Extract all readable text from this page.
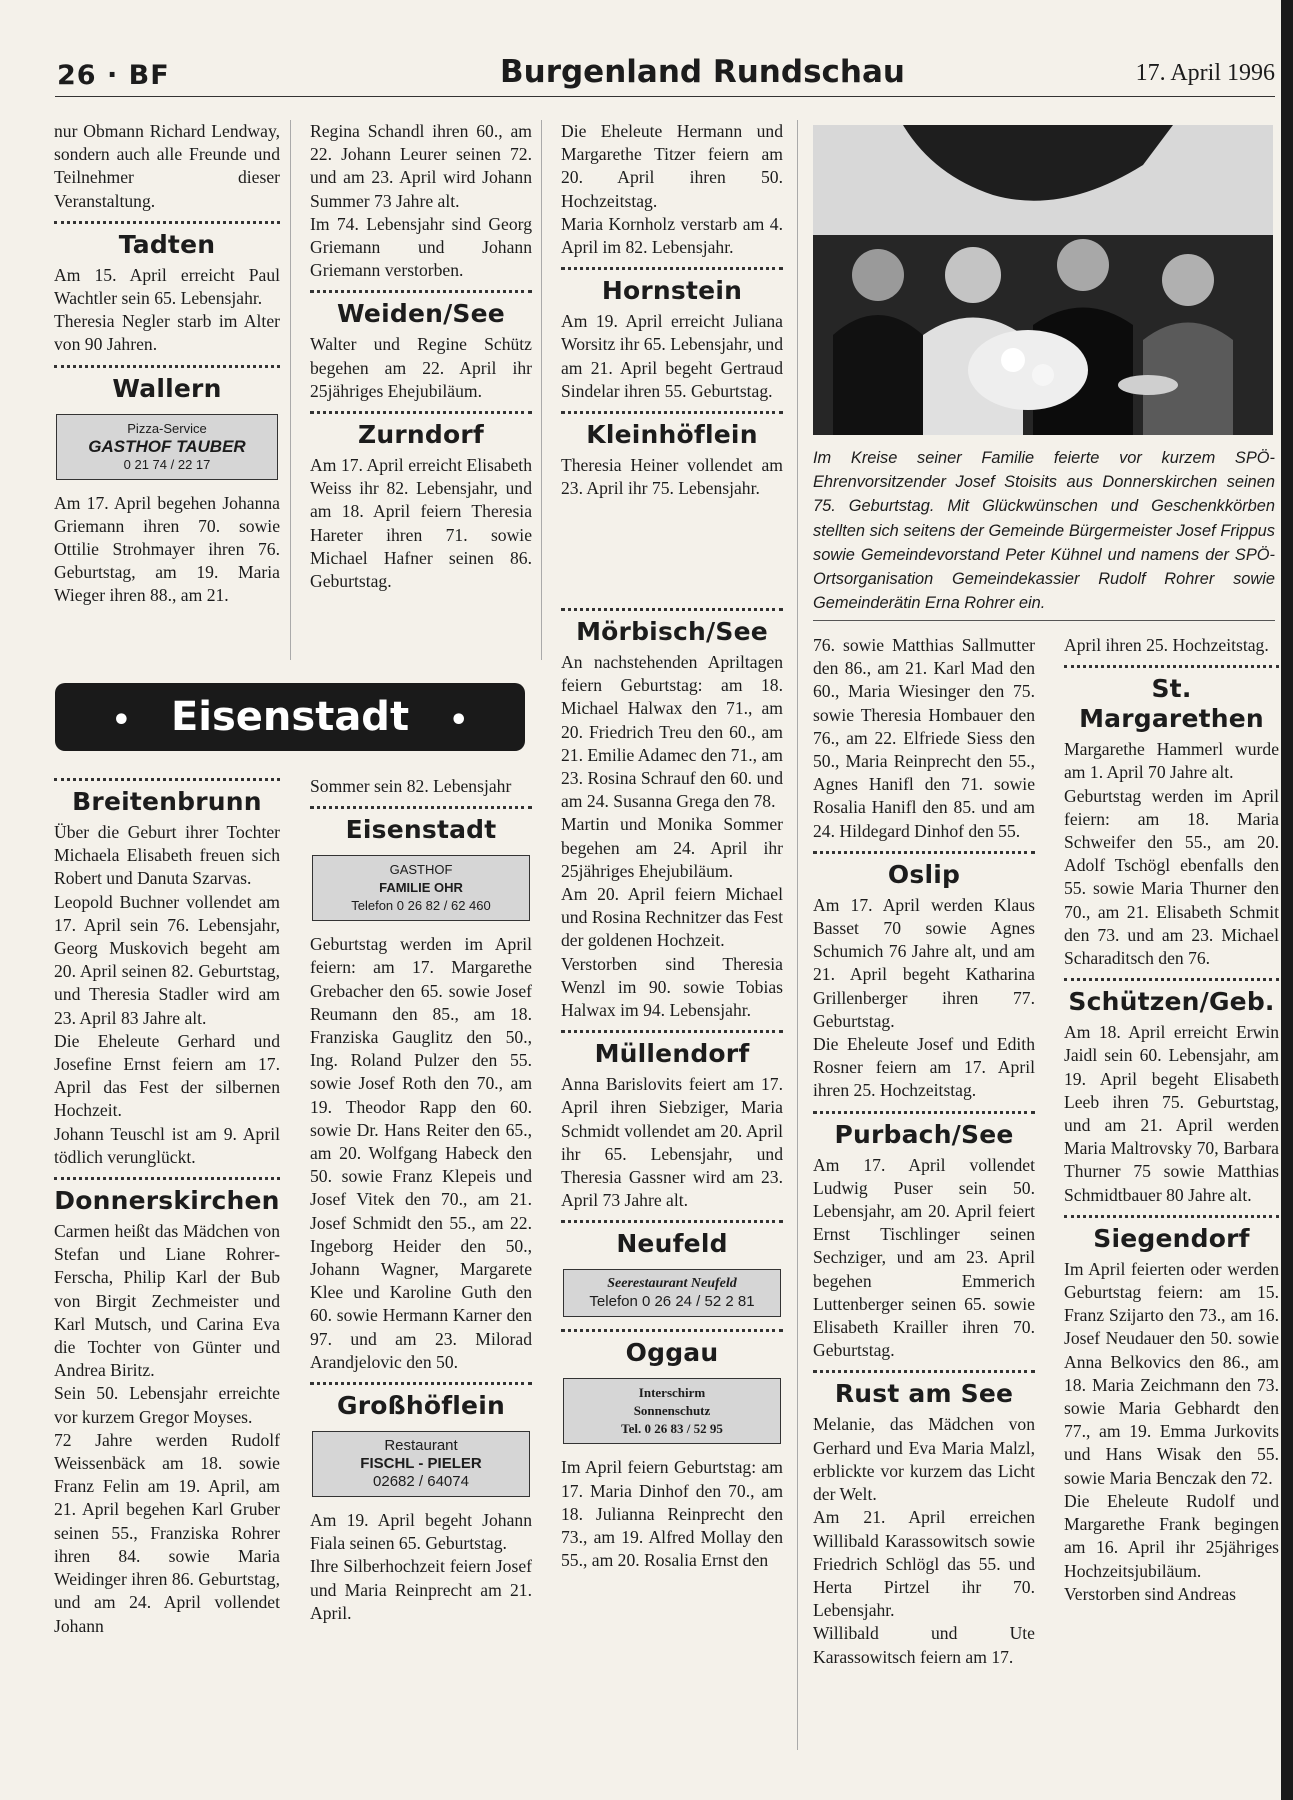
26 · BF	Burgenland Rundschau	17. April 1996

nur Obmann Richard Lendway, sondern auch alle Freunde und Teilnehmer dieser Veranstaltung.

Tadten

Am 15. April erreicht Paul Wachtler sein 65. Lebensjahr.

Theresia Negler starb im Alter von 90 Jahren.

Wallern
Pizza-Service
GASTHOF TAUBER
0 21 74 / 22 17

Am 17. April begehen Johanna Griemann ihren 70. sowie Ottilie Strohmayer ihren 76. Geburtstag, am 19. Maria Wieger ihren 88., am 21.

Regina Schandl ihren 60., am 22. Johann Leurer seinen 72. und am 23. April wird Johann Summer 73 Jahre alt.

Im 74. Lebensjahr sind Georg Griemann und Johann Griemann verstorben.

Weiden/See

Walter und Regine Schütz begehen am 22. April ihr 25jähriges Ehejubiläum.

Zurndorf

Am 17. April erreicht Elisabeth Weiss ihr 82. Lebensjahr, und am 18. April feiern Theresia Hareter ihren 71. sowie Michael Hafner seinen 86. Geburtstag.

Die Eheleute Hermann und Margarethe Titzer feiern am 20. April ihren 50. Hochzeitstag.

Maria Kornholz verstarb am 4. April im 82. Lebensjahr.

Hornstein

Am 19. April erreicht Juliana Worsitz ihr 65. Lebensjahr, und am 21. April begeht Gertraud Sindelar ihren 55. Geburtstag.

Kleinhöflein

Theresia Heiner vollendet am 23. April ihr 75. Lebensjahr.

Im Kreise seiner Familie feierte vor kurzem SPÖ-Ehrenvorsitzender Josef Stoisits aus Donnerskirchen seinen 75. Geburtstag. Mit Glückwünschen und Geschenkkörben stellten sich seitens der Gemeinde Bürgermeister Josef Frippus sowie Gemeindevorstand Peter Kühnel und namens der SPÖ-Ortsorganisation Gemeindekassier Rudolf Rohrer sowie Gemeinderätin Erna Rohrer ein.
• Eisenstadt •
Breitenbrunn

Über die Geburt ihrer Tochter Michaela Elisabeth freuen sich Robert und Danuta Szarvas.

Leopold Buchner vollendet am 17. April sein 76. Lebensjahr, Georg Muskovich begeht am 20. April seinen 82. Geburtstag, und Theresia Stadler wird am 23. April 83 Jahre alt.

Die Eheleute Gerhard und Josefine Ernst feiern am 17. April das Fest der silbernen Hochzeit.

Johann Teuschl ist am 9. April tödlich verunglückt.

Donnerskirchen

Carmen heißt das Mädchen von Stefan und Liane Rohrer-Ferscha, Philip Karl der Bub von Birgit Zechmeister und Karl Mutsch, und Carina Eva die Tochter von Günter und Andrea Biritz.

Sein 50. Lebensjahr erreichte vor kurzem Gregor Moyses.

72 Jahre werden Rudolf Weissenbäck am 18. sowie Franz Felin am 19. April, am 21. April begehen Karl Gruber seinen 55., Franziska Rohrer ihren 84. sowie Maria Weidinger ihren 86. Geburtstag, und am 24. April vollendet Johann

Sommer sein 82. Lebensjahr

Eisenstadt
GASTHOF
FAMILIE OHR
Telefon 0 26 82 / 62 460

Geburtstag werden im April feiern: am 17. Margarethe Grebacher den 65. sowie Josef Reumann den 85., am 18. Franziska Gauglitz den 50., Ing. Roland Pulzer den 55. sowie Josef Roth den 70., am 19. Theodor Rapp den 60. sowie Dr. Hans Reiter den 65., am 20. Wolfgang Habeck den 50. sowie Franz Klepeis und Josef Vitek den 70., am 21. Josef Schmidt den 55., am 22. Ingeborg Heider den 50., Johann Wagner, Margarete Klee und Karoline Guth den 60. sowie Hermann Karner den 97. und am 23. Milorad Arandjelovic den 50.

Großhöflein
Restaurant
FISCHL - PIELER
02682 / 64074

Am 19. April begeht Johann Fiala seinen 65. Geburtstag.

Ihre Silberhochzeit feiern Josef und Maria Reinprecht am 21. April.

Mörbisch/See

An nachstehenden Apriltagen feiern Geburtstag: am 18. Michael Halwax den 71., am 20. Friedrich Treu den 60., am 21. Emilie Adamec den 71., am 23. Rosina Schrauf den 60. und am 24. Susanna Grega den 78.

Martin und Monika Sommer begehen am 24. April ihr 25jähriges Ehejubiläum.

Am 20. April feiern Michael und Rosina Rechnitzer das Fest der goldenen Hochzeit.

Verstorben sind Theresia Wenzl im 90. sowie Tobias Halwax im 94. Lebensjahr.

Müllendorf

Anna Barislovits feiert am 17. April ihren Siebziger, Maria Schmidt vollendet am 20. April ihr 65. Lebensjahr, und Theresia Gassner wird am 23. April 73 Jahre alt.

Neufeld
Seerestaurant Neufeld
Telefon 0 26 24 / 52 2 81
Oggau
Interschirm
Sonnenschutz
Tel. 0 26 83 / 52 95

Im April feiern Geburtstag: am 17. Maria Dinhof den 70., am 18. Julianna Reinprecht den 73., am 19. Alfred Mollay den 55., am 20. Rosalia Ernst den

76. sowie Matthias Sallmutter den 86., am 21. Karl Mad den 60., Maria Wiesinger den 75. sowie Theresia Hombauer den 76., am 22. Elfriede Siess den 50., Maria Reinprecht den 55., Agnes Hanifl den 71. sowie Rosalia Hanifl den 85. und am 24. Hildegard Dinhof den 55.

Oslip

Am 17. April werden Klaus Basset 70 sowie Agnes Schumich 76 Jahre alt, und am 21. April begeht Katharina Grillenberger ihren 77. Geburtstag.

Die Eheleute Josef und Edith Rosner feiern am 17. April ihren 25. Hochzeitstag.

Purbach/See

Am 17. April vollendet Ludwig Puser sein 50. Lebensjahr, am 20. April feiert Ernst Tischlinger seinen Sechziger, und am 23. April begehen Emmerich Luttenberger seinen 65. sowie Elisabeth Krailler ihren 70. Geburtstag.

Rust am See

Melanie, das Mädchen von Gerhard und Eva Maria Malzl, erblickte vor kurzem das Licht der Welt.

Am 21. April erreichen Willibald Karassowitsch sowie Friedrich Schlögl das 55. und Herta Pirtzel ihr 70. Lebensjahr.

Willibald und Ute Karassowitsch feiern am 17.

April ihren 25. Hochzeitstag.

St. Margarethen

Margarethe Hammerl wurde am 1. April 70 Jahre alt.

Geburtstag werden im April feiern: am 18. Maria Schweifer den 55., am 20. Adolf Tschögl ebenfalls den 55. sowie Maria Thurner den 70., am 21. Elisabeth Schmit den 73. und am 23. Michael Scharaditsch den 76.

Schützen/Geb.

Am 18. April erreicht Erwin Jaidl sein 60. Lebensjahr, am 19. April begeht Elisabeth Leeb ihren 75. Geburtstag, und am 21. April werden Maria Maltrovsky 70, Barbara Thurner 75 sowie Matthias Schmidtbauer 80 Jahre alt.

Siegendorf

Im April feierten oder werden Geburtstag feiern: am 15. Franz Szijarto den 73., am 16. Josef Neudauer den 50. sowie Anna Belkovics den 86., am 18. Maria Zeichmann den 73. sowie Maria Gebhardt den 77., am 19. Emma Jurkovits und Hans Wisak den 55. sowie Maria Benczak den 72.

Die Eheleute Rudolf und Margarethe Frank begingen am 16. April ihr 25jähriges Hochzeitsjubiläum.

Verstorben sind Andreas
